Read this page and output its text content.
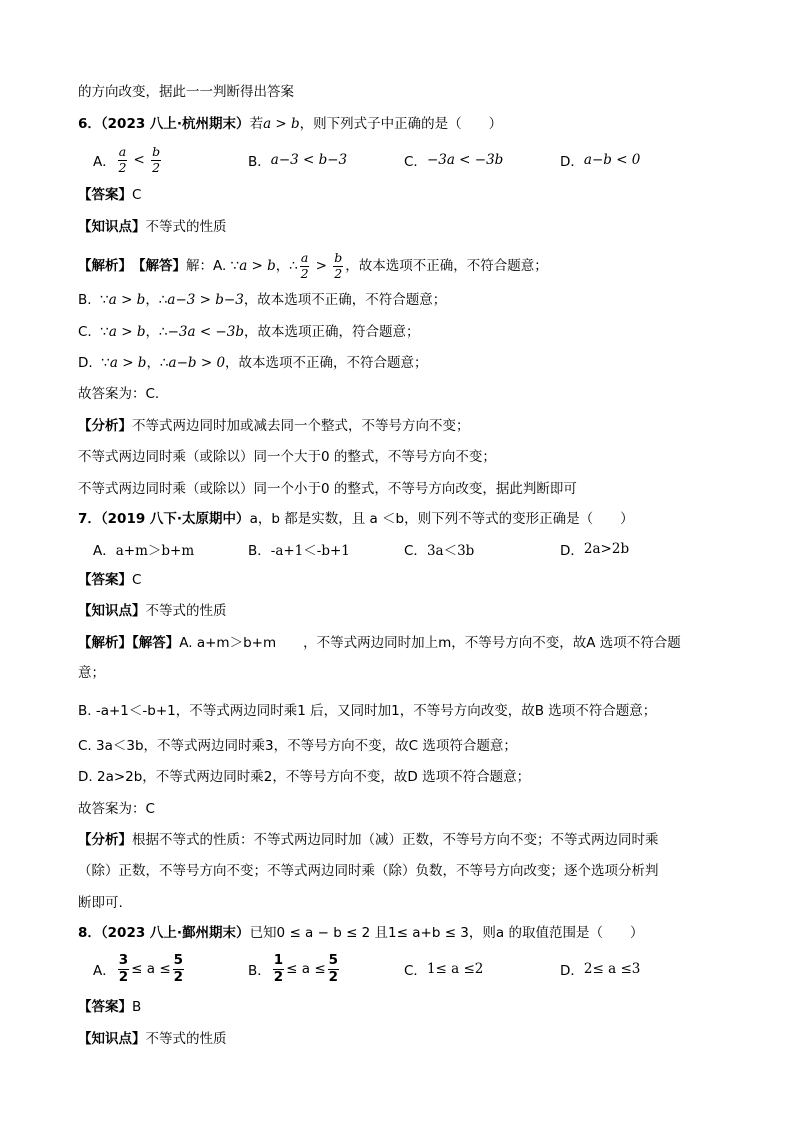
的方向改变，据此一一判断得出答案
6．（2023 八上·杭州期末）若a > b，则下列式子中正确的是（　　）
A． $\frac{a}{2} < \frac{b}{2}$	B． a−3 < b−3	C． −3a < −3b	D． a−b < 0
【答案】C
【知识点】不等式的性质
【解析】 【解答】 解：A. ∵ a > b ，∴ $\frac{a}{2} > \frac{b}{2}$ ，故本选项不正确，不符合题意；
B.  ∵a > b，∴a−3 > b−3，故本选项不正确，不符合题意；
C.  ∵a > b，∴−3a < −3b，故本选项正确，符合题意；
D.  ∵a > b，∴a−b > 0，故本选项不正确，不符合题意；
故答案为：C.
【分析】不等式两边同时加或减去同一个整式，不等号方向不变；
不等式两边同时乘（或除以）同一个大于0 的整式，不等号方向不变；
不等式两边同时乘（或除以）同一个小于0 的整式，不等号方向改变，据此判断即可
7．（2019 八下·太原期中）a，b 都是实数，且 a ＜b，则下列不等式的变形正确是（　　）
A． a+m＞b+m	B． -a+1＜-b+1	C． 3a＜3b	D． 2a>2b
【答案】C
【知识点】不等式的性质
【解析】【解答】A. a+m＞b+m　　，不等式两边同时加上m，不等号方向不变，故A 选项不符合题
意；
B. -a+1＜-b+1，不等式两边同时乘1 后，又同时加1，不等号方向改变，故B 选项不符合题意；
C. 3a＜3b，不等式两边同时乘3，不等号方向不变，故C 选项符合题意；
D. 2a>2b，不等式两边同时乘2，不等号方向不变，故D 选项不符合题意；
故答案为：C
【分析】根据不等式的性质：不等式两边同时加（减）正数，不等号方向不变；不等式两边同时乘
（除）正数，不等号方向不变；不等式两边同时乘（除）负数，不等号方向改变；逐个选项分析判
断即可.
8．（2023 八上·鄞州期末）已知0 ≤ a − b ≤ 2 且1≤ a+b ≤ 3，则a 的取值范围是（　　）
A． $\frac{3}{2} \le a \le \frac{5}{2}$	B． $\frac{1}{2} \le a \le \frac{5}{2}$	C． 1≤ a ≤2	D． 2≤ a ≤3
【答案】B
【知识点】不等式的性质
